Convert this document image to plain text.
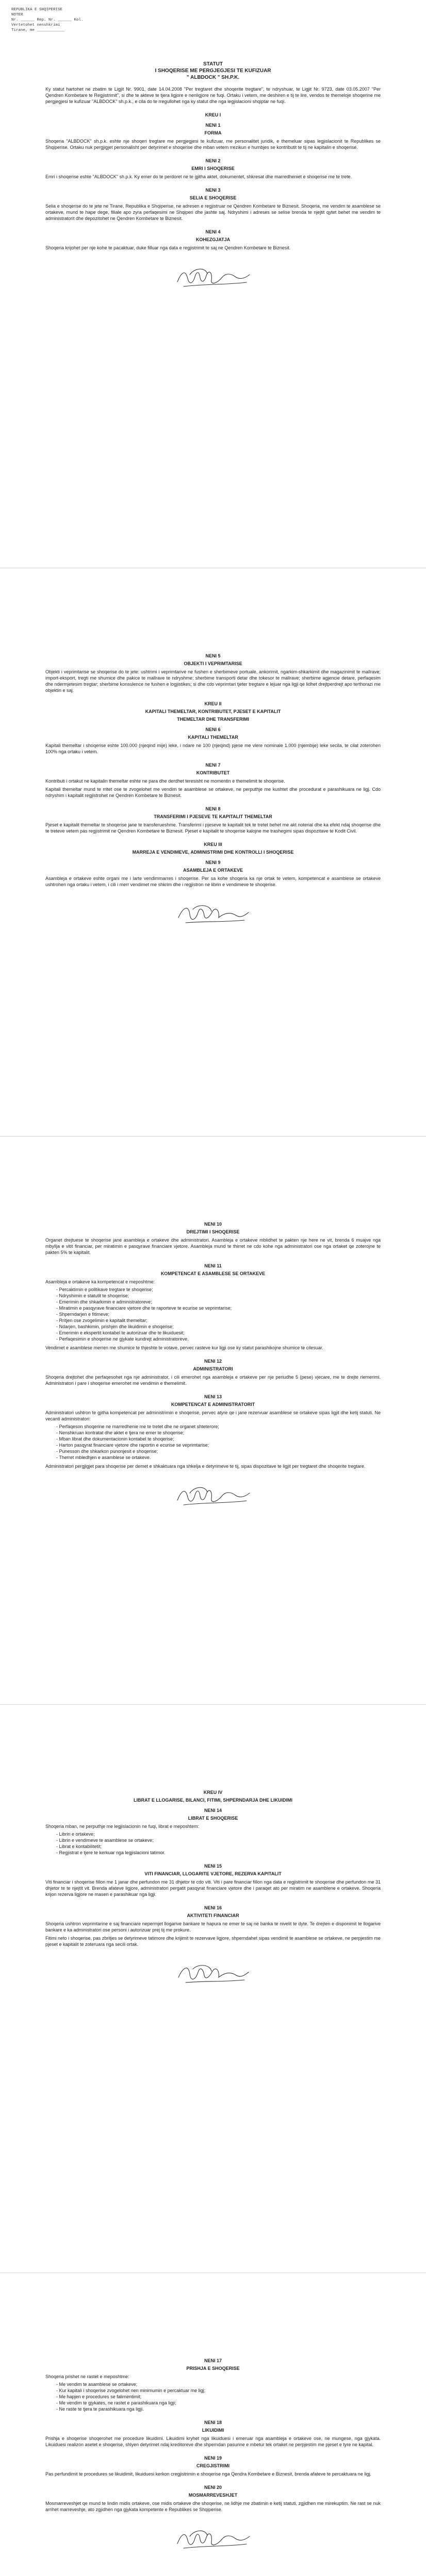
REPUBLIKA E SHQIPERISE
NOTER
Nr. ______ Rep. Nr. ______ Kol.
Vertetohet nenshkrimi
Tirane, me ____________
STATUT
I SHOQERISE ME PERGJEGJESI TE KUFIZUAR
" ALBDOCK " SH.P.K.
Ky statut hartohet ne zbatim te Ligjit Nr. 9901, date 14.04.2008 "Per tregtaret dhe shoqerite tregtare", te ndryshuar, te Ligjit Nr. 9723, date 03.05.2007 "Per Qendren Kombetare te Regjistrimit", si dhe te akteve te tjera ligjore e nenligjore ne fuqi. Ortaku i vetem, me deshiren e tij te lire, vendos te themeloje shoqerine me pergjegjesi te kufizuar "ALBDOCK" sh.p.k., e cila do te rregullohet nga ky statut dhe nga legjislacioni shqiptar ne fuqi.
KREU I
NENI 1
FORMA
Shoqeria "ALBDOCK" sh.p.k. eshte nje shoqeri tregtare me pergjegjesi te kufizuar, me personalitet juridik, e themeluar sipas legjislacionit te Republikes se Shqiperise. Ortaku nuk pergjigjet personalisht per detyrimet e shoqerise dhe mban vetem rrezikun e humbjes se kontributit te tij ne kapitalin e shoqerise.
NENI 2
EMRI I SHOQERISE
Emri i shoqerise eshte "ALBDOCK" sh.p.k. Ky emer do te perdoret ne te gjitha aktet, dokumentet, shkresat dhe marredheniet e shoqerise me te trete.
NENI 3
SELIA E SHOQERISE
Selia e shoqerise do te jete ne Tirane, Republika e Shqiperise, ne adresen e regjistruar ne Qendren Kombetare te Biznesit. Shoqeria, me vendim te asamblese se ortakeve, mund te hape dege, filiale apo zyra perfaqesimi ne Shqiperi dhe jashte saj. Ndryshimi i adreses se selise brenda te njejtit qytet behet me vendim te administratorit dhe depozitohet ne Qendren Kombetare te Biznesit.
NENI 4
KOHEZGJATJA
Shoqeria krijohet per nje kohe te pacaktuar, duke filluar nga data e regjistrimit te saj ne Qendren Kombetare te Biznesit.
NENI 5
OBJEKTI I VEPRIMTARISE
Objekti i veprimtarise se shoqerise do te jete: ushtrimi i veprimtarive ne fushen e sherbimeve portuale, ankorimit, ngarkim-shkarkimit dhe magazinimit te mallrave; import-eksport, tregti me shumice dhe pakice te mallrave te ndryshme; sherbime transporti detar dhe tokesor te mallrave; sherbime agjencie detare, perfaqesim dhe ndermjetesim tregtar; sherbime konsulence ne fushen e logjistikes; si dhe cdo veprimtari tjeter tregtare e lejuar nga ligji qe lidhet drejtperdrejt apo terthorazi me objektin e saj.
KREU II
KAPITALI THEMELTAR, KONTRIBUTET, PJESET E KAPITALIT
THEMELTAR DHE TRANSFERIMI
NENI 6
KAPITALI THEMELTAR
Kapitali themeltar i shoqerise eshte 100.000 (njeqind mije) leke, i ndare ne 100 (njeqind) pjese me vlere nominale 1.000 (njembije) leke secila, te cilat zoterohen 100% nga ortaku i vetem.
NENI 7
KONTRIBUTET
Kontributi i ortakut ne kapitalin themeltar eshte ne para dhe derdhet teresisht ne momentin e themelimit te shoqerise.
Kapitali themeltar mund te rritet ose te zvogelohet me vendim te asamblese se ortakeve, ne perputhje me kushtet dhe procedurat e parashikuara ne ligj. Cdo ndryshim i kapitalit regjistrohet ne Qendren Kombetare te Biznesit.
NENI 8
TRANSFERIMI I PJESEVE TE KAPITALIT THEMELTAR
Pjeset e kapitalit themeltar te shoqerise jane te transferueshme. Transferimi i pjeseve te kapitalit tek te tretet behet me akt noterial dhe ka efekt ndaj shoqerise dhe te treteve vetem pas regjistrimit ne Qendren Kombetare te Biznesit. Pjeset e kapitalit te shoqerise kalojne me trashegimi sipas dispozitave te Kodit Civil.
KREU III
MARREJA E VENDIMEVE, ADMINISTRIMI DHE KONTROLLI I SHOQERISE
NENI 9
ASAMBLEJA E ORTAKEVE
Asambleja e ortakeve eshte organi me i larte vendimmarres i shoqerise. Per sa kohe shoqeria ka nje ortak te vetem, kompetencat e asamblese se ortakeve ushtrohen nga ortaku i vetem, i cili i merr vendimet me shkrim dhe i regjistron ne librin e vendimeve te shoqerise.
NENI 10
DREJTIMI I SHOQERISE
Organet drejtuese te shoqerise jane asambleja e ortakeve dhe administratori. Asambleja e ortakeve mblidhet te pakten nje here ne vit, brenda 6 muajve nga mbyllja e vitit financiar, per miratimin e pasqyrave financiare vjetore. Asambleja mund te thirret ne cdo kohe nga administratori ose nga ortaket qe zoterojne te pakten 5% te kapitalit.
NENI 11
KOMPETENCAT E ASAMBLESE SE ORTAKEVE
Asambleja e ortakeve ka kompetencat e meposhtme:
- Percaktimin e politikave tregtare te shoqerise;
- Ndryshimin e statutit te shoqerise;
- Emerimin dhe shkarkimin e administratoreve;
- Miratimin e pasqyrave financiare vjetore dhe te raporteve te ecurise se veprimtarise;
- Shperndarjen e fitimeve;
- Rritjen ose zvogelimin e kapitalit themeltar;
- Ndarjen, bashkimin, prishjen dhe likuidimin e shoqerise;
- Emerimin e ekspertit kontabel te autorizuar dhe te likuiduesit;
- Perfaqesimin e shoqerise ne gjykate kundrejt administratoreve.
Vendimet e asamblese merren me shumice te thjeshte te votave, pervec rasteve kur ligji ose ky statut parashikojne shumice te cilesuar.
NENI 12
ADMINISTRATORI
Shoqeria drejtohet dhe perfaqesohet nga nje administrator, i cili emerohet nga asambleja e ortakeve per nje periudhe 5 (pese) vjecare, me te drejte riemerimi. Administratori i pare i shoqerise emerohet me vendimin e themelimit.
NENI 13
KOMPETENCAT E ADMINISTRATORIT
Administratori ushtron te gjitha kompetencat per administrimin e shoqerise, pervec atyre qe i jane rezervuar asamblese se ortakeve sipas ligjit dhe ketij statuti. Ne vecanti administratori:
- Perfaqeson shoqerine ne marredhenie me te tretet dhe ne organet shteterore;
- Nenshkruan kontratat dhe aktet e tjera ne emer te shoqerise;
- Mban librat dhe dokumentacionin kontabel te shoqerise;
- Harton pasqyrat financiare vjetore dhe raportin e ecurise se veprimtarise;
- Punesson dhe shkarkon punonjesit e shoqerise;
- Therret mbledhjen e asamblese se ortakeve.
Administratori pergjigjet para shoqerise per demet e shkaktuara nga shkelja e detyrimeve te tij, sipas dispozitave te ligjit per tregtaret dhe shoqerite tregtare.
KREU IV
LIBRAT E LLOGARISE, BILANCI, FITIMI, SHPERNDARJA DHE LIKUIDIMI
NENI 14
LIBRAT E SHOQERISE
Shoqeria mban, ne perputhje me legjislacionin ne fuqi, librat e meposhtem:
- Librin e ortakeve;
- Librin e vendimeve te asamblese se ortakeve;
- Librat e kontabilitetit;
- Regjistrat e tjere te kerkuar nga legjislacioni tatimor.
NENI 15
VITI FINANCIAR, LLOGARITE VJETORE, REZERVA KAPITALIT
Viti financiar i shoqerise fillon me 1 janar dhe perfundon me 31 dhjetor te cdo viti. Viti i pare financiar fillon nga data e regjistrimit te shoqerise dhe perfundon me 31 dhjetor te te njejtit vit. Brenda afateve ligjore, administratori pergatit pasqyrat financiare vjetore dhe i paraqet ato per miratim ne asamblene e ortakeve. Shoqeria krijon rezerva ligjore ne masen e parashikuar nga ligji.
NENI 16
AKTIVITETI FINANCIAR
Shoqeria ushtron veprimtarine e saj financiare nepermjet llogarive bankare te hapura ne emer te saj ne banka te nivelit te dyte. Te drejten e disponimit te llogarive bankare e ka administratori ose personi i autorizuar prej tij me prokure.
Fitimi neto i shoqerise, pas zbritjes se detyrimeve tatimore dhe krijimit te rezervave ligjore, shperndahet sipas vendimit te asamblese se ortakeve, ne perpjestim me pjeset e kapitalit te zoteruara nga secili ortak.
NENI 17
PRISHJA E SHOQERISE
Shoqeria prishet ne rastet e meposhtme:
- Me vendim te asamblese se ortakeve;
- Kur kapitali i shoqerise zvogelohet nen minimumin e percaktuar me ligj;
- Me hapjen e procedures se falimentimit;
- Me vendim te gjykates, ne rastet e parashikuara nga ligji;
- Ne raste te tjera te parashikuara nga ligji.
NENI 18
LIKUIDIMI
Prishja e shoqerise shoqerohet me procedure likuidimi. Likuidimi kryhet nga likuiduesi i emeruar nga asambleja e ortakeve ose, ne mungese, nga gjykata. Likuiduesi realizon asetet e shoqerise, shlyen detyrimet ndaj kreditoreve dhe shperndan pasurine e mbetur tek ortaket ne perpjestim me pjeset e tyre ne kapital.
NENI 19
CREGJISTRIMI
Pas perfundimit te procedures se likuidimit, likuiduesi kerkon cregjistrimin e shoqerise nga Qendra Kombetare e Biznesit, brenda afateve te percaktuara ne ligj.
NENI 20
MOSMARREVESHJET
Mosmarreveshjet qe mund te lindin midis ortakeve, ose midis ortakeve dhe shoqerise, ne lidhje me zbatimin e ketij statuti, zgjidhen me mirekuptim. Ne rast se nuk arrihet marreveshje, ato zgjidhen nga gjykata kompetente e Republikes se Shqiperise.
